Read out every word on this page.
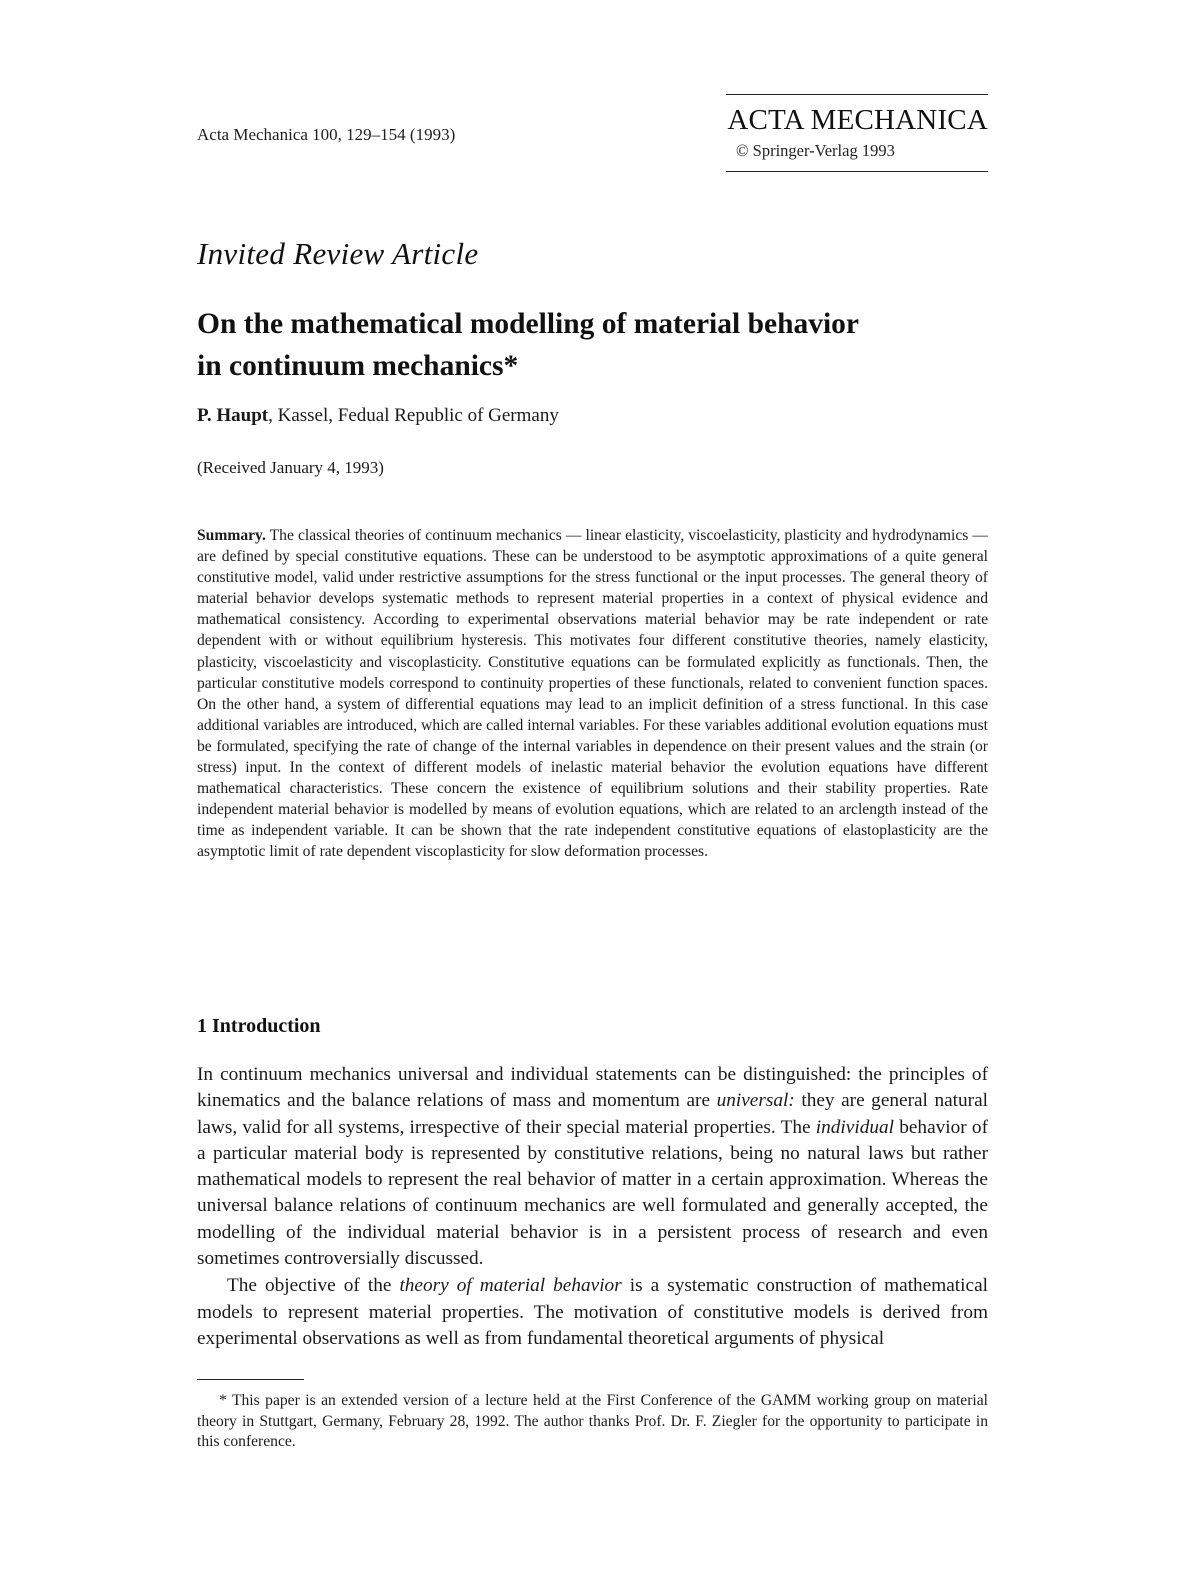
Acta Mechanica 100, 129–154 (1993)	ACTA MECHANICA
© Springer-Verlag 1993
Invited Review Article
On the mathematical modelling of material behavior
in continuum mechanics*
P. Haupt, Kassel, Fedual Republic of Germany
(Received January 4, 1993)

Summary. The classical theories of continuum mechanics — linear elasticity, viscoelasticity, plasticity and hydrodynamics — are defined by special constitutive equations. These can be understood to be asymptotic approximations of a quite general constitutive model, valid under restrictive assumptions for the stress functional or the input processes. The general theory of material behavior develops systematic methods to represent material properties in a context of physical evidence and mathematical consistency. According to experimental observations material behavior may be rate independent or rate dependent with or without equilibrium hysteresis. This motivates four different constitutive theories, namely elasticity, plasticity, viscoelasticity and viscoplasticity. Constitutive equations can be formulated explicitly as functionals. Then, the particular constitutive models correspond to continuity properties of these functionals, related to convenient function spaces. On the other hand, a system of differential equations may lead to an implicit definition of a stress functional. In this case additional variables are introduced, which are called internal variables. For these variables additional evolution equations must be formulated, specifying the rate of change of the internal variables in dependence on their present values and the strain (or stress) input. In the context of different models of inelastic material behavior the evolution equations have different mathematical characteristics. These concern the existence of equilibrium solutions and their stability properties. Rate independent material behavior is modelled by means of evolution equations, which are related to an arclength instead of the time as independent variable. It can be shown that the rate independent constitutive equations of elastoplasticity are the asymptotic limit of rate dependent viscoplasticity for slow deformation processes.

1 Introduction

In continuum mechanics universal and individual statements can be distinguished: the principles of kinematics and the balance relations of mass and momentum are universal: they are general natural laws, valid for all systems, irrespective of their special material properties. The individual behavior of a particular material body is represented by constitutive relations, being no natural laws but rather mathematical models to represent the real behavior of matter in a certain approximation. Whereas the universal balance relations of continuum mechanics are well formulated and generally accepted, the modelling of the individual material behavior is in a persistent process of research and even sometimes controversially discussed.

The objective of the theory of material behavior is a systematic construction of mathematical models to represent material properties. The motivation of constitutive models is derived from experimental observations as well as from fundamental theoretical arguments of physical

* This paper is an extended version of a lecture held at the First Conference of the GAMM working group on material theory in Stuttgart, Germany, February 28, 1992. The author thanks Prof. Dr. F. Ziegler for the opportunity to participate in this conference.
